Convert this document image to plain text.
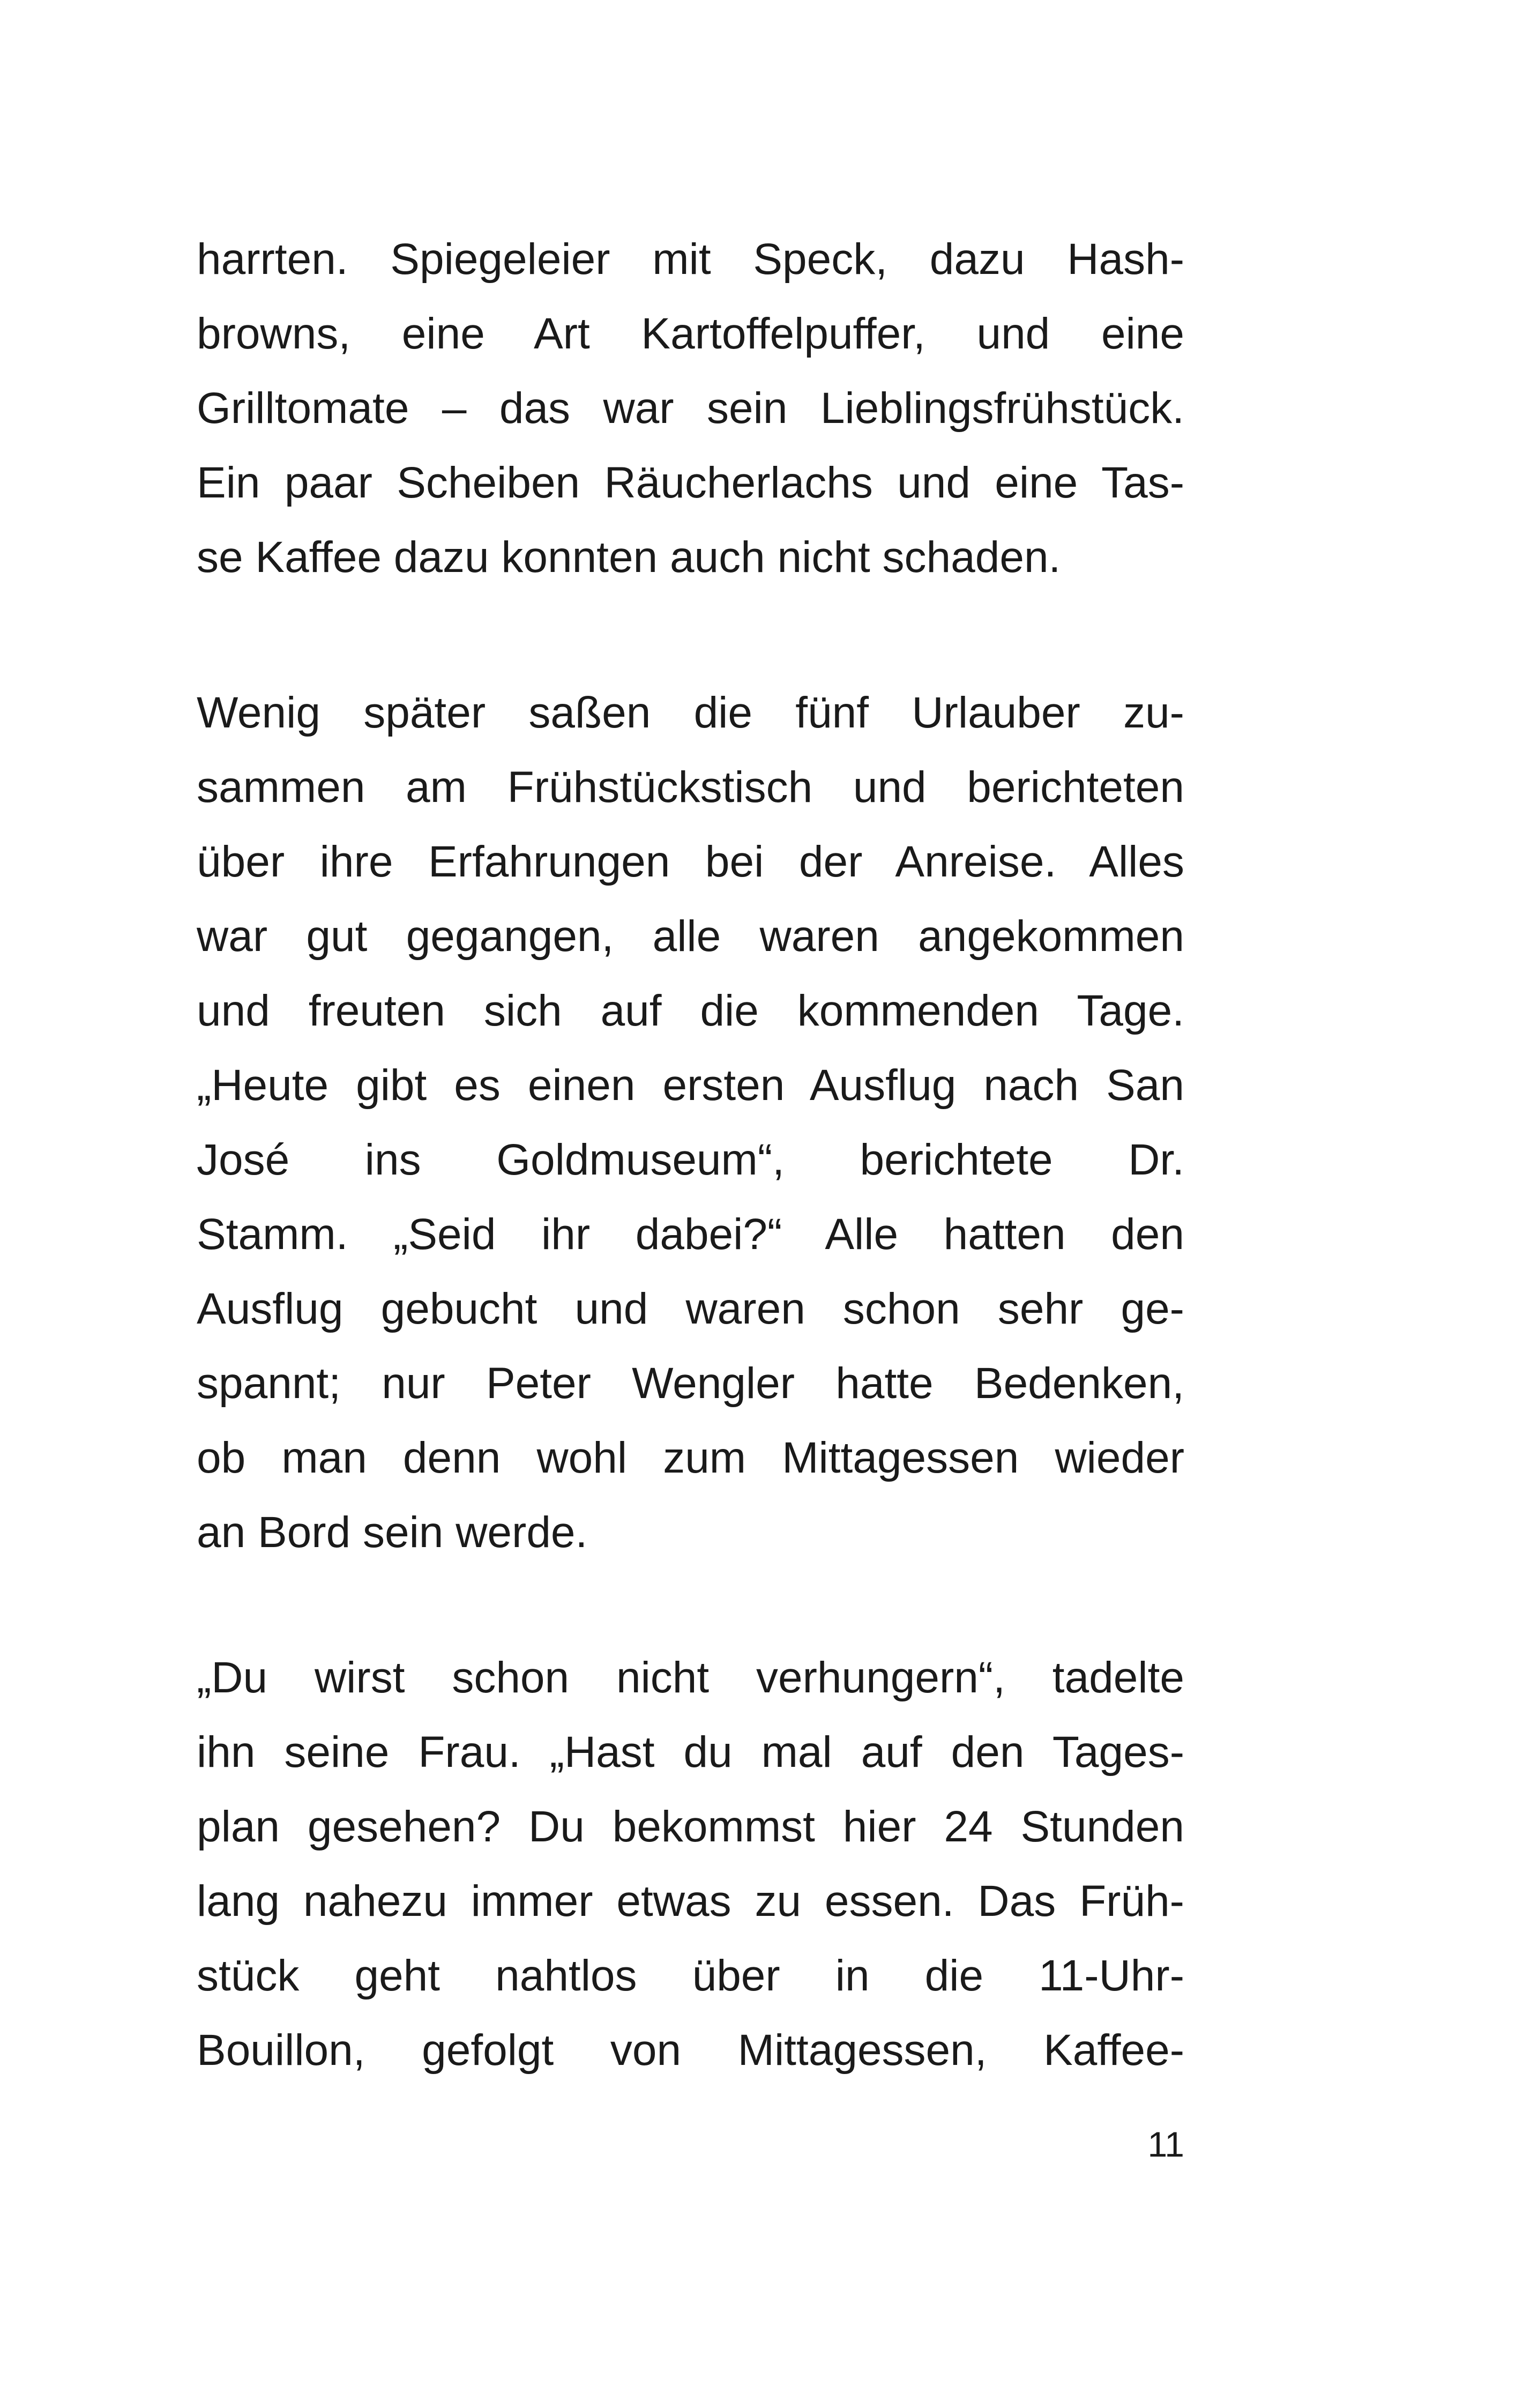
harrten. Spiegeleier mit Speck, dazu Hash-
browns, eine Art Kartoffelpuffer, und eine
Grilltomate – das war sein Lieblingsfrühstück.
Ein paar Scheiben Räucherlachs und eine Tas-
se Kaffee dazu konnten auch nicht schaden.
Wenig später saßen die fünf Urlauber zu-
sammen am Frühstückstisch und berichteten
über ihre Erfahrungen bei der Anreise. Alles
war gut gegangen, alle waren angekommen
und freuten sich auf die kommenden Tage.
„Heute gibt es einen ersten Ausflug nach San
José ins Goldmuseum“, berichtete Dr.
Stamm. „Seid ihr dabei?“ Alle hatten den
Ausflug gebucht und waren schon sehr ge-
spannt; nur Peter Wengler hatte Bedenken,
ob man denn wohl zum Mittagessen wieder
an Bord sein werde.
„Du wirst schon nicht verhungern“, tadelte
ihn seine Frau. „Hast du mal auf den Tages-
plan gesehen? Du bekommst hier 24 Stunden
lang nahezu immer etwas zu essen. Das Früh-
stück geht nahtlos über in die 11-Uhr-
Bouillon, gefolgt von Mittagessen, Kaffee-
11
